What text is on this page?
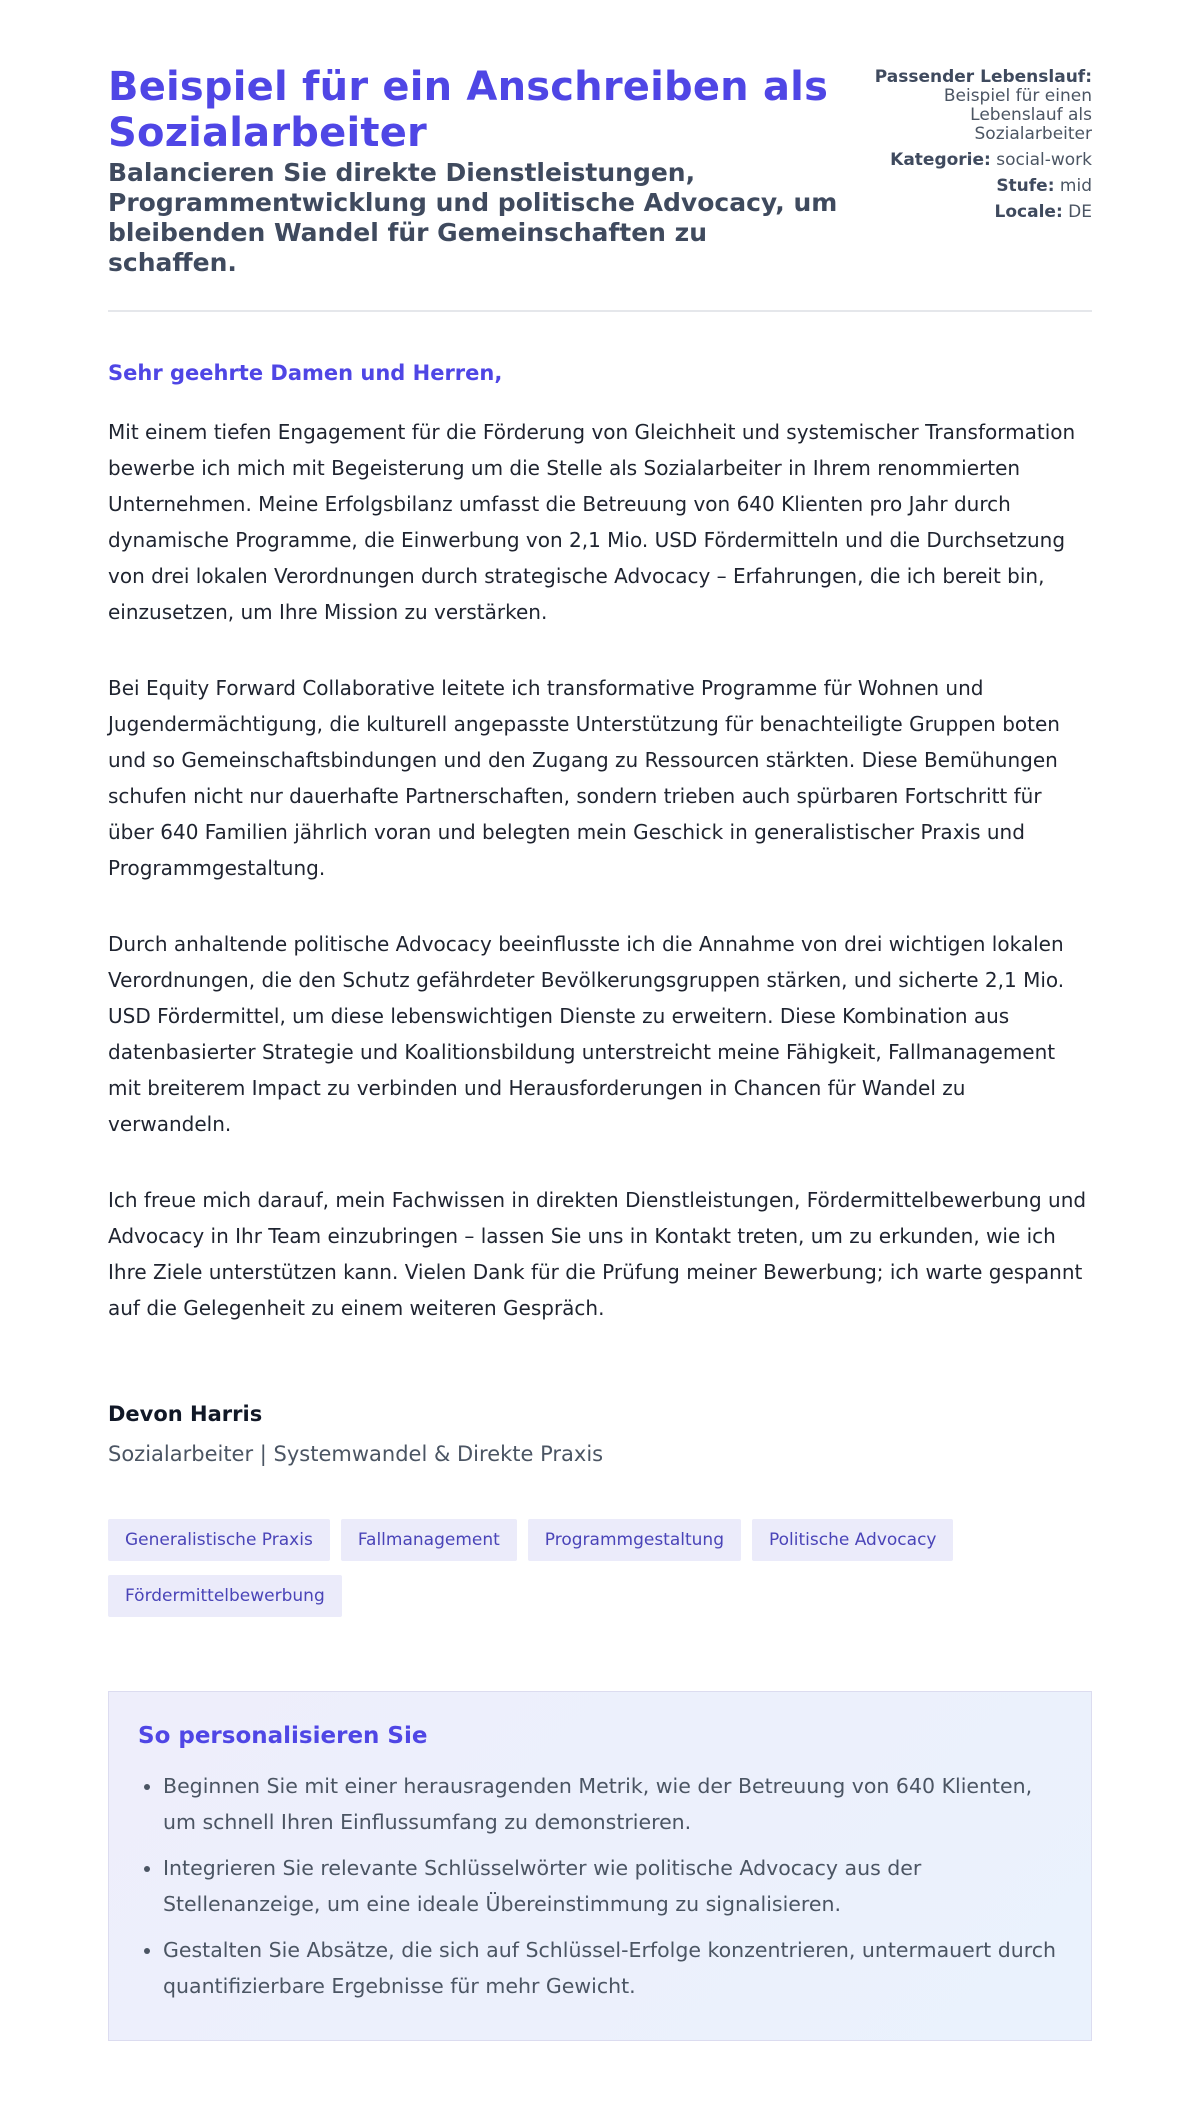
Beispiel für ein Anschreiben als Sozialarbeiter
Balancieren Sie direkte Dienstleistungen, Programmentwicklung und politische Advocacy, um bleibenden Wandel für Gemeinschaften zu schaffen.
Passender Lebenslauf: Beispiel für einen Lebenslauf als Sozialarbeiter
Kategorie: social-work
Stufe: mid
Locale: DE

Sehr geehrte Damen und Herren,

Mit einem tiefen Engagement für die Förderung von Gleichheit und systemischer Transformation bewerbe ich mich mit Begeisterung um die Stelle als Sozialarbeiter in Ihrem renommierten Unternehmen. Meine Erfolgsbilanz umfasst die Betreuung von 640 Klienten pro Jahr durch dynamische Programme, die Einwerbung von 2,1 Mio. USD Fördermitteln und die Durchsetzung von drei lokalen Verordnungen durch strategische Advocacy – Erfahrungen, die ich bereit bin, einzusetzen, um Ihre Mission zu verstärken.

Bei Equity Forward Collaborative leitete ich transformative Programme für Wohnen und Jugendermächtigung, die kulturell angepasste Unterstützung für benachteiligte Gruppen boten und so Gemeinschaftsbindungen und den Zugang zu Ressourcen stärkten. Diese Bemühungen schufen nicht nur dauerhafte Partnerschaften, sondern trieben auch spürbaren Fortschritt für über 640 Familien jährlich voran und belegten mein Geschick in generalistischer Praxis und Programmgestaltung.

Durch anhaltende politische Advocacy beeinflusste ich die Annahme von drei wichtigen lokalen Verordnungen, die den Schutz gefährdeter Bevölkerungsgruppen stärken, und sicherte 2,1 Mio. USD Fördermittel, um diese lebenswichtigen Dienste zu erweitern. Diese Kombination aus datenbasierter Strategie und Koalitionsbildung unterstreicht meine Fähigkeit, Fallmanagement mit breiterem Impact zu verbinden und Herausforderungen in Chancen für Wandel zu verwandeln.

Ich freue mich darauf, mein Fachwissen in direkten Dienstleistungen, Fördermittelbewerbung und Advocacy in Ihr Team einzubringen – lassen Sie uns in Kontakt treten, um zu erkunden, wie ich Ihre Ziele unterstützen kann. Vielen Dank für die Prüfung meiner Bewerbung; ich warte gespannt auf die Gelegenheit zu einem weiteren Gespräch.

Devon Harris
Sozialarbeiter | Systemwandel & Direkte Praxis
Generalistische Praxis	Fallmanagement	Programmgestaltung	Politische Advocacy
Fördermittelbewerbung
So personalisieren Sie
• Beginnen Sie mit einer herausragenden Metrik, wie der Betreuung von 640 Klienten, um schnell Ihren Einflussumfang zu demonstrieren.
• Integrieren Sie relevante Schlüsselwörter wie politische Advocacy aus der Stellenanzeige, um eine ideale Übereinstimmung zu signalisieren.
• Gestalten Sie Absätze, die sich auf Schlüssel-Erfolge konzentrieren, untermauert durch quantifizierbare Ergebnisse für mehr Gewicht.
